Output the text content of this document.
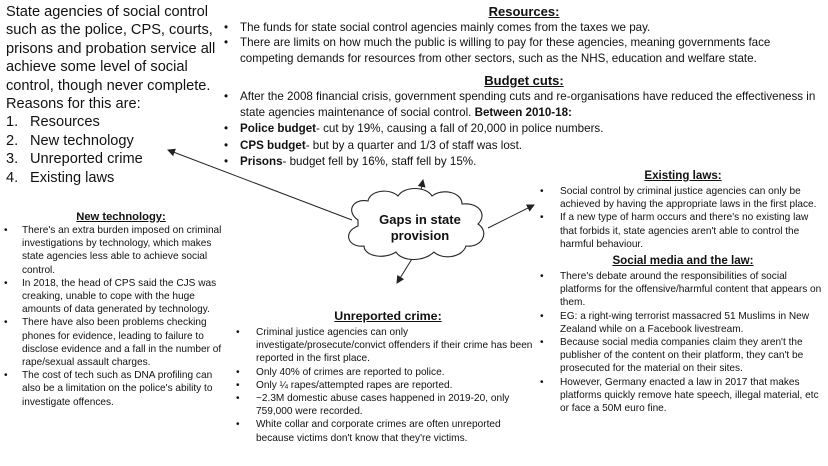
Gaps in state
provision
State agencies of social control such as the police, CPS, courts, prisons and probation service all achieve some level of social control, though never complete. Reasons for this are:
1. Resources
2. New technology
3. Unreported crime
4. Existing laws
Resources:
• The funds for state social control agencies mainly comes from the taxes we pay.
• There are limits on how much the public is willing to pay for these agencies, meaning governments face competing demands for resources from other sectors, such as the NHS, education and welfare state.
Budget cuts:
• After the 2008 financial crisis, government spending cuts and re-organisations have reduced the effectiveness in state agencies maintenance of social control. Between 2010-18:
• Police budget- cut by 19%, causing a fall of 20,000 in police numbers.
• CPS budget- but by a quarter and 1/3 of staff was lost.
• Prisons- budget fell by 16%, staff fell by 15%.
New technology:
• There's an extra burden imposed on criminal investigations by technology, which makes state agencies less able to achieve social control.
• In 2018, the head of CPS said the CJS was creaking, unable to cope with the huge amounts of data generated by technology.
• There have also been problems checking phones for evidence, leading to failure to disclose evidence and a fall in the number of rape/sexual assault charges.
• The cost of tech such as DNA profiling can also be a limitation on the police's ability to investigate offences.
Unreported crime:
• Criminal justice agencies can only investigate/prosecute/convict offenders if their crime has been reported in the first place.
• Only 40% of crimes are reported to police.
• Only ¼ rapes/attempted rapes are reported.
• ~2.3M domestic abuse cases happened in 2019-20, only 759,000 were recorded.
• White collar and corporate crimes are often unreported because victims don't know that they're victims.
Existing laws:
• Social control by criminal justice agencies can only be achieved by having the appropriate laws in the first place.
• If a new type of harm occurs and there's no existing law that forbids it, state agencies aren't able to control the harmful behaviour.
Social media and the law:
• There's debate around the responsibilities of social platforms for the offensive/harmful content that appears on them.
• EG: a right-wing terrorist massacred 51 Muslims in New Zealand while on a Facebook livestream.
• Because social media companies claim they aren't the publisher of the content on their platform, they can't be prosecuted for the material on their sites.
• However, Germany enacted a law in 2017 that makes platforms quickly remove hate speech, illegal material, etc or face a 50M euro fine.
